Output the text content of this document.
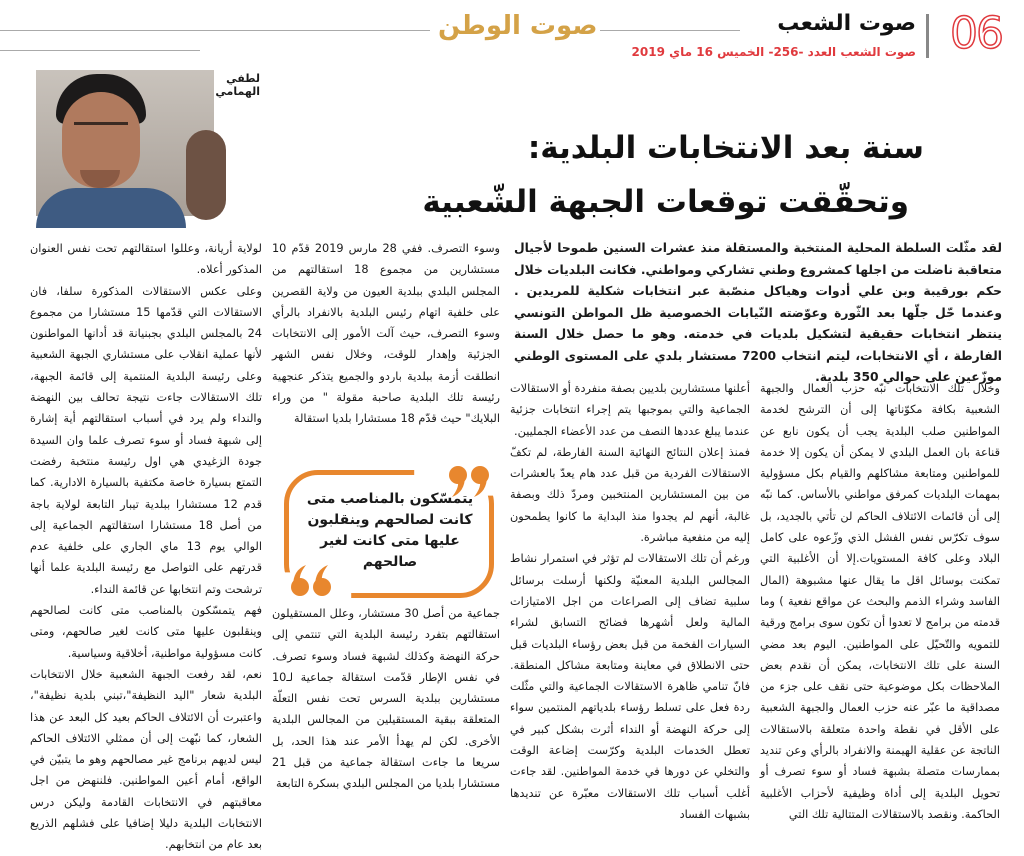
06
صوت الشعب
صوت الشعب العدد -256- الخميس 16 ماي 2019
صوت الوطن
لطفي الهمامي
سنة بعد الانتخابات البلدية:
وتحقّقت توقعات الجبهة الشّعبية
لقد مثّلت السلطة المحلية المنتخبة والمستقلة منذ عشرات السنين طموحا لأجيال متعاقبة ناضلت من اجلها كمشروع وطني تشاركي ومواطني. فكانت البلديات خلال حكم بورقيبة وبن علي أدوات وهياكل منصّبة عبر انتخابات شكلية للمريدين . وعندما حّل جلّها بعد الثّورة وعوّضته النّيابات الخصوصية ظل المواطن التونسي ينتظر انتخابات حقيقية لتشكيل بلديات في خدمته. وهو ما حصل خلال السنة الفارطة ، أي الانتخابات، ليتم انتخاب 7200 مستشار بلدي على المستوى الوطني موزّعين على حوالي 350 بلدية.

وخلال تلك الانتخابات نبّه حزب العمال والجبهة الشعبية بكافة مكوّناتها إلى أن الترشح لخدمة المواطنين صلب البلدية يجب أن يكون نابع عن قناعة بان العمل البلدي لا يمكن أن يكون إلا خدمة للمواطنين ومتابعة مشاكلهم والقيام بكل مسؤولية بمهمات البلديات كمرفق مواطني بالأساس. كما نبّه إلى أن قائمات الائتلاف الحاكم لن تأتي بالجديد، بل سوف تكرّس نفس الفشل الذي وزّعوه على كامل البلاد وعلى كافة المستويات.إلا أن الأغلبية التي تمكنت بوسائل اقل ما يقال عنها مشبوهة (المال الفاسد وشراء الذمم والبحث عن مواقع نفعية ) وما قدمته من برامج لا تعدوا أن تكون سوى برامج ورقية للتمويه والتّحيّل على المواطنين. اليوم بعد مضي السنة على تلك الانتخابات، يمكن أن نقدم بعض الملاحظات بكل موضوعية حتى نقف على جزء من مصداقية ما عبّر عنه حزب العمال والجبهة الشعبية على الأقل في نقطة واحدة متعلقة بالاستقالات الناتجة عن عقلية الهيمنة والانفراد بالرأي وعن تنديد بممارسات متصلة بشبهة فساد أو سوء تصرف أو تحويل البلدية إلى أداة وظيفية لأحزاب الأغلبية الحاكمة. ونقصد بالاستقالات المتتالية تلك التي

أعلنها مستشارين بلديين بصفة منفردة أو الاستقالات الجماعية والتي بموجبها يتم إجراء انتخابات جزئية عندما يبلغ عددها النصف من عدد الأعضاء الجمليين.

فمنذ إعلان النتائج النهائية السنة الفارطة، لم تكفّ الاستقالات الفردية من قبل عدد هام يعدّ بالعشرات من بين المستشارين المنتخبين ومردّ ذلك وبصفة غالبة، أنهم لم يجدوا منذ البداية ما كانوا يطمحون إليه من منفعية مباشرة.

ورغم أن تلك الاستقالات لم تؤثر في استمرار نشاط المجالس البلدية المعنيّة ولكنها أرسلت برسائل سلبية تضاف إلى الصراعات من اجل الامتيازات المالية ولعل أشهرها فضائح التسابق لشراء السيارات الفخمة من قبل بعض رؤساء البلديات قبل حتى الانطلاق في معاينة ومتابعة مشاكل المنطقة. فانّ تنامي ظاهرة الاستقالات الجماعية والتي مثّلت ردة فعل على تسلط رؤساء بلدياتهم المنتمين سواء إلى حركة النهضة أو النداء أثرت بشكل كبير في تعطل الخدمات البلدية وكرّست إضاعة الوقت والتخلي عن دورها في خدمة المواطنين. لقد جاءت أغلب أسباب تلك الاستقالات معبّرة عن تنديدها بشبهات الفساد

وسوء التصرف. ففي 28 مارس 2019 قدّم 10 مستشارين من مجموع 18 استقالتهم من المجلس البلدي ببلدية العيون من ولاية القصرين على خلفية اتهام رئيس البلدية بالانفراد بالرأي وسوء التصرف، حيث آلت الأمور إلى الانتخابات الجزئية وإهدار للوقت، وخلال نفس الشهر انطلقت أزمة ببلدية باردو والجميع يتذكر عنجهية رئيسة تلك البلدية صاحبة مقولة " من وراء البلايك" حيث قدّم 18 مستشارا بلديا استقالة

يتمسّكون بالمناصب متى كانت لصالحهم وينقلبون عليها متى كانت لغير صالحهم

جماعية من أصل 30 مستشار، وعلل المستقيلون استقالتهم بتفرد رئيسة البلدية التي تنتمي إلى حركة النهضة وكذلك لشبهة فساد وسوء تصرف. في نفس الإطار قدّمت استقالة جماعية لـ10 مستشارين ببلدية السرس تحت نفس التعلّة المتعلقة ببقية المستقيلين من المجالس البلدية الأخرى. لكن لم يهدأ الأمر عند هذا الحد، بل سريعا ما جاءت استقالة جماعية من قبل 21 مستشارا بلديا من المجلس البلدي بسكرة التابعة

لولاية أريانة، وعللوا استقالتهم تحت نفس العنوان المذكور أعلاه.

وعلى عكس الاستقالات المذكورة سلفا، فان الاستقالات التي قدّمها 15 مستشارا من مجموع 24 بالمجلس البلدي بجبنيانة قد أدانها المواطنون لأنها عملية انقلاب على مستشاري الجبهة الشعبية وعلى رئيسة البلدية المنتمية إلى قائمة الجبهة، تلك الاستقالات جاءت نتيجة تحالف بين النهضة والنداء ولم يرد في أسباب استقالتهم أية إشارة إلى شبهة فساد أو سوء تصرف علما وان السيدة جودة الزغيدي هي اول رئيسة منتخبة رفضت التمتع بسيارة خاصة مكتفية بالسيارة الادارية. كما قدم 12 مستشارا ببلدية تيبار التابعة لولاية باجة من أصل 18 مستشارا استقالتهم الجماعية إلى الوالي يوم 13 ماي الجاري على خلفية عدم قدرتهم على التواصل مع رئيسة البلدية علما أنها ترشحت وتم انتخابها عن قائمة النداء.

فهم يتمسّكون بالمناصب متى كانت لصالحهم وينقلبون عليها متى كانت لغير صالحهم، ومتى كانت مسؤولية مواطنية، أخلاقية وسياسية.

نعم، لقد رفعت الجبهة الشعبية خلال الانتخابات البلدية شعار "اليد النظيفة"،تبني بلدية نظيفة"، واعتبرت أن الائتلاف الحاكم بعيد كل البعد عن هذا الشعار، كما نبّهت إلى أن ممثلي الائتلاف الحاكم ليس لديهم برنامج غير مصالحهم وهو ما يتبيّن في الواقع، أمام أعين المواطنين. فلننهض من اجل معاقبتهم في الانتخابات القادمة وليكن درس الانتخابات البلدية دليلا إضافيا على فشلهم الذريع بعد عام من انتخابهم.
